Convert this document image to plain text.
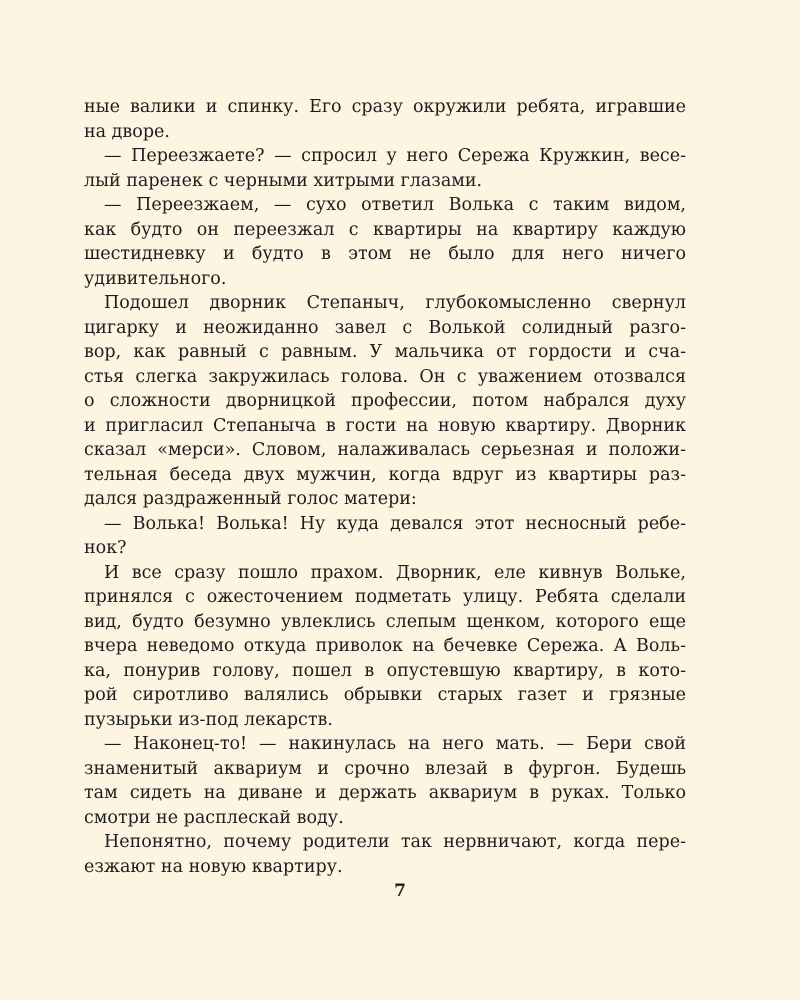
ные валики и спинку. Его сразу окружили ребята, игравшие
на дворе.
— Переезжаете? — спросил у него Сережа Кружкин, весе-
лый паренек с черными хитрыми глазами.
— Переезжаем, — сухо ответил Волька с таким видом,
как будто он переезжал с квартиры на квартиру каждую
шестидневку и будто в этом не было для него ничего
удивительного.
Подошел дворник Степаныч, глубокомысленно свернул
цигарку и неожиданно завел с Волькой солидный разго-
вор, как равный с равным. У мальчика от гордости и сча-
стья слегка закружилась голова. Он с уважением отозвался
о сложности дворницкой профессии, потом набрался духу
и пригласил Степаныча в гости на новую квартиру. Дворник
сказал «мерси». Словом, налаживалась серьезная и положи-
тельная беседа двух мужчин, когда вдруг из квартиры раз-
дался раздраженный голос матери:
— Волька! Волька! Ну куда девался этот несносный ребе-
нок?
И все сразу пошло прахом. Дворник, еле кивнув Вольке,
принялся с ожесточением подметать улицу. Ребята сделали
вид, будто безумно увлеклись слепым щенком, которого еще
вчера неведомо откуда приволок на бечевке Сережа. А Воль-
ка, понурив голову, пошел в опустевшую квартиру, в кото-
рой сиротливо валялись обрывки старых газет и грязные
пузырьки из-под лекарств.
— Наконец-то! — накинулась на него мать. — Бери свой
знаменитый аквариум и срочно влезай в фургон. Будешь
там сидеть на диване и держать аквариум в руках. Только
смотри не расплескай воду.
Непонятно, почему родители так нервничают, когда пере-
езжают на новую квартиру.
7
